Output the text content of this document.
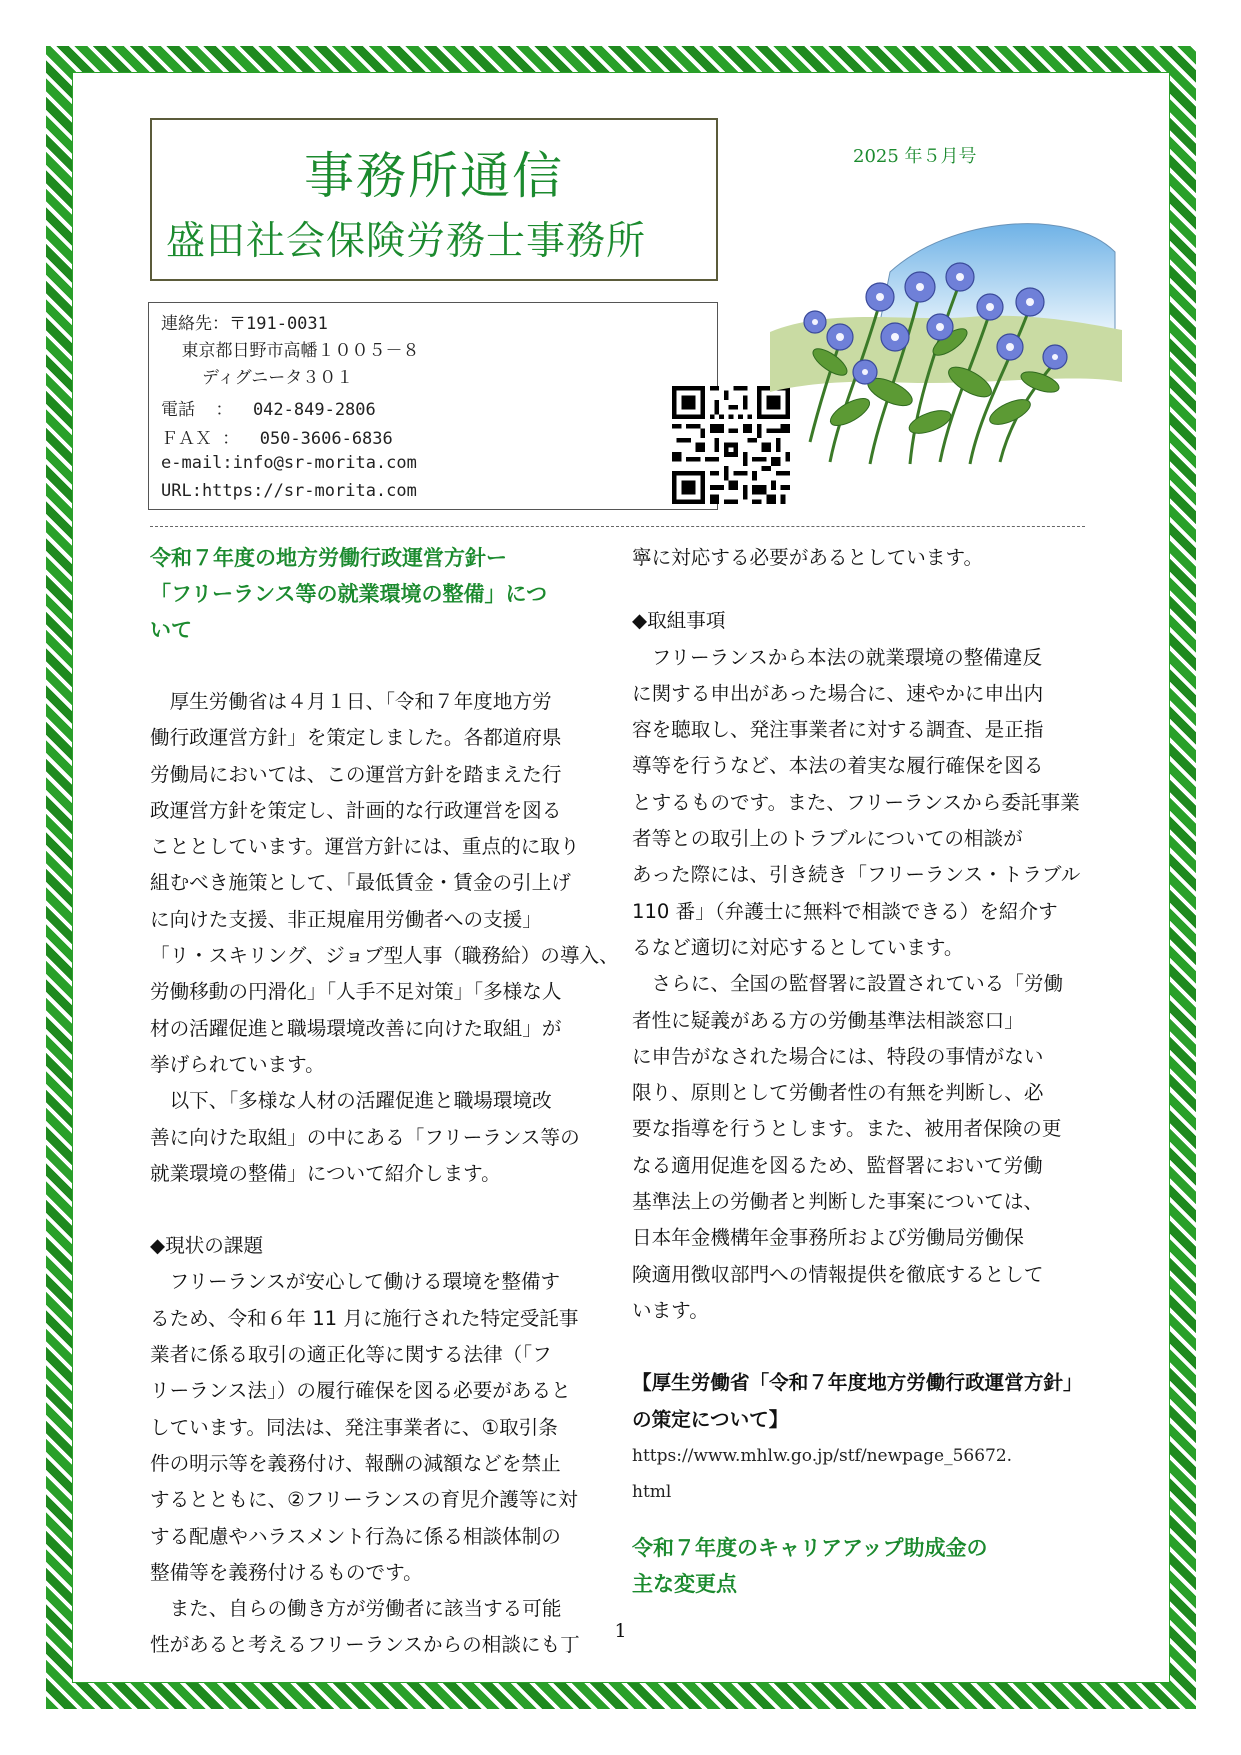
事務所通信
盛田社会保険労務士事務所
2025 年５月号
連絡先：〒191-0031
東京都日野市高幡１００５－８
ディグニータ３０１
電話  ：  042-849-2806
ＦＡＸ ：  050-3606-6836
e-mail:info@sr-morita.com
URL:https://sr-morita.com
令和７年度の地方労働行政運営方針ー
「フリーランス等の就業環境の整備」につ
いて
　厚生労働省は４月１日、「令和７年度地方労
働行政運営方針」を策定しました。各都道府県
労働局においては、この運営方針を踏まえた行
政運営方針を策定し、計画的な行政運営を図る
こととしています。運営方針には、重点的に取り
組むべき施策として、「最低賃金・賃金の引上げ
に向けた支援、非正規雇用労働者への支援」
「リ・スキリング、ジョブ型人事（職務給）の導入、
労働移動の円滑化」「人手不足対策」「多様な人
材の活躍促進と職場環境改善に向けた取組」が
挙げられています。
　以下、「多様な人材の活躍促進と職場環境改
善に向けた取組」の中にある「フリーランス等の
就業環境の整備」について紹介します。
◆現状の課題
　フリーランスが安心して働ける環境を整備す
るため、令和６年 11 月に施行された特定受託事
業者に係る取引の適正化等に関する法律（「フ
リーランス法」）の履行確保を図る必要があると
しています。同法は、発注事業者に、①取引条
件の明示等を義務付け、報酬の減額などを禁止
するとともに、②フリーランスの育児介護等に対
する配慮やハラスメント行為に係る相談体制の
整備等を義務付けるものです。
　また、自らの働き方が労働者に該当する可能
性があると考えるフリーランスからの相談にも丁
寧に対応する必要があるとしています。
◆取組事項
　フリーランスから本法の就業環境の整備違反
に関する申出があった場合に、速やかに申出内
容を聴取し、発注事業者に対する調査、是正指
導等を行うなど、本法の着実な履行確保を図る
とするものです。また、フリーランスから委託事業
者等との取引上のトラブルについての相談が
あった際には、引き続き「フリーランス・トラブル
110 番」（弁護士に無料で相談できる）を紹介す
るなど適切に対応するとしています。
　さらに、全国の監督署に設置されている「労働
者性に疑義がある方の労働基準法相談窓口」
に申告がなされた場合には、特段の事情がない
限り、原則として労働者性の有無を判断し、必
要な指導を行うとします。また、被用者保険の更
なる適用促進を図るため、監督署において労働
基準法上の労働者と判断した事案については、
日本年金機構年金事務所および労働局労働保
険適用徴収部門への情報提供を徹底するとして
います。
【厚生労働省「令和７年度地方労働行政運営方針」
の策定について】
https://www.mhlw.go.jp/stf/newpage_56672.
html
令和７年度のキャリアアップ助成金の
主な変更点
1
